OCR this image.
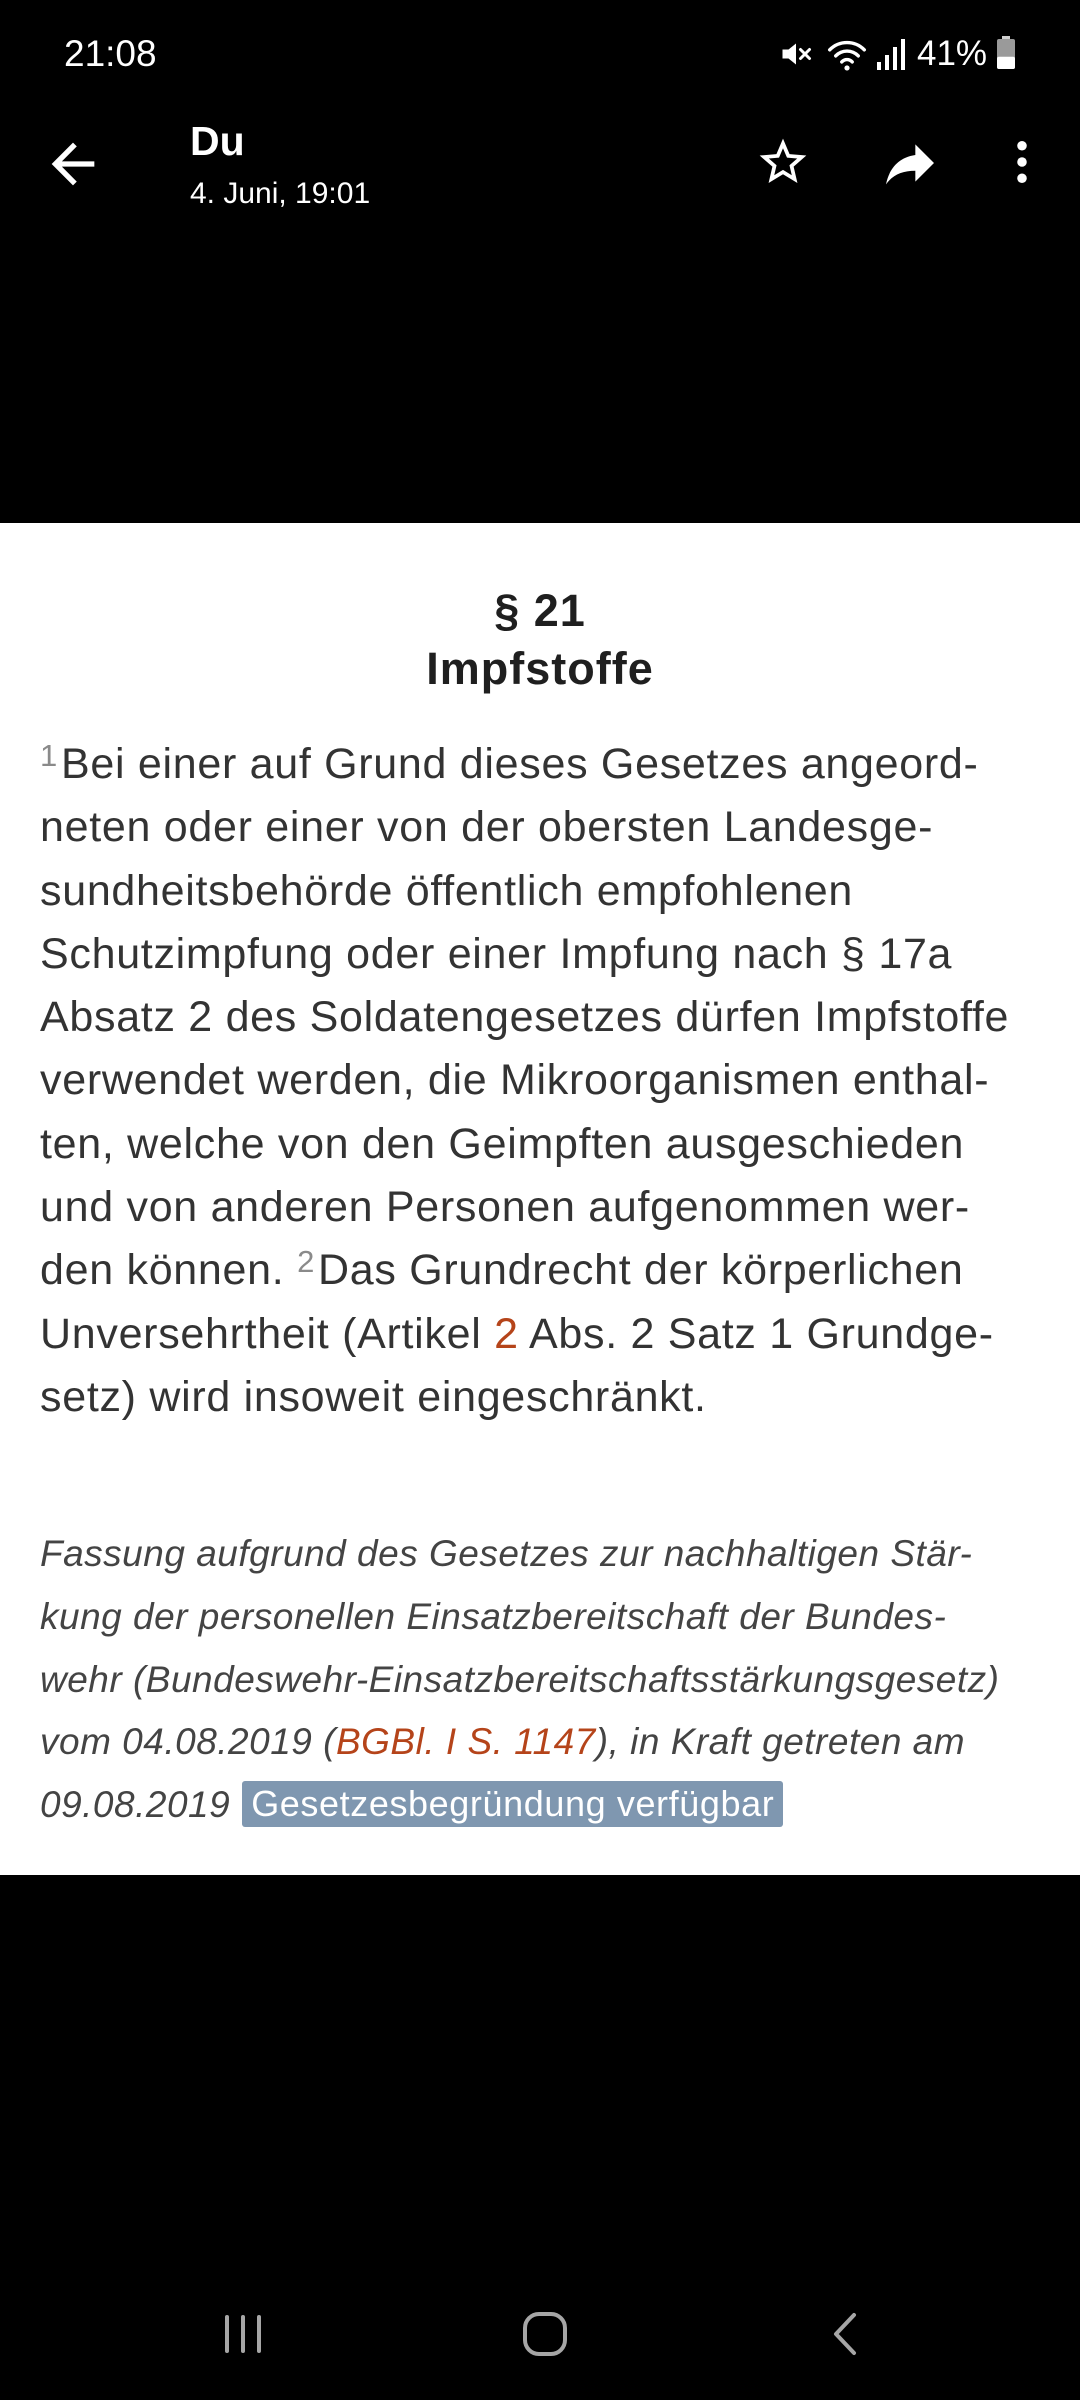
21:08	41%
Du
4. Juni, 19:01
§ 21
Impfstoffe
$^1$Bei einer auf Grund dieses Gesetzes angeord-
neten oder einer von der obersten Landesge-
sundheitsbehörde öffentlich empfohlenen
Schutzimpfung oder einer Impfung nach § 17a
Absatz 2 des Soldatengesetzes dürfen Impfstoffe
verwendet werden, die Mikroorganismen enthal-
ten, welche von den Geimpften ausgeschieden
und von anderen Personen aufgenommen wer-
den können. $^2$Das Grundrecht der körperlichen
Unversehrtheit (Artikel 2 Abs. 2 Satz 1 Grundge-
setz) wird insoweit eingeschränkt.
Fassung aufgrund des Gesetzes zur nachhaltigen Stär-
kung der personellen Einsatzbereitschaft der Bundes-
wehr (Bundeswehr-Einsatzbereitschaftsstärkungsgesetz)
vom 04.08.2019 (BGBl. I S. 1147), in Kraft getreten am
09.08.2019 Gesetzesbegründung verfügbar
